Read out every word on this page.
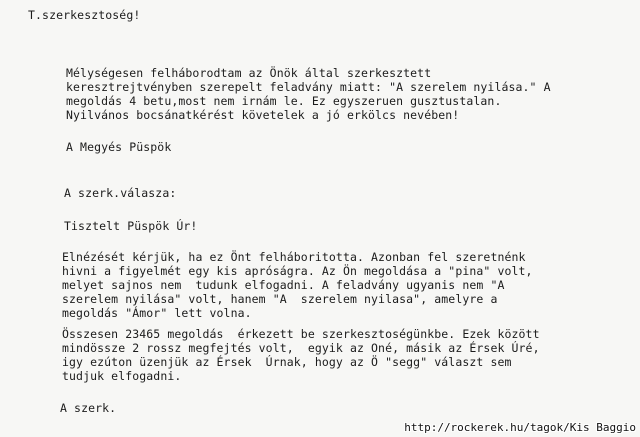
T.szerkesztoség!
Mélységesen felháborodtam az Önök által szerkesztett
keresztrejtvényben szerepelt feladvány miatt: "A szerelem nyilása." A
megoldás 4 betu,most nem irnám le. Ez egyszeruen gusztustalan.
Nyilvános bocsánatkérést követelek a jó erkölcs nevében!
A Megyés Püspök
A szerk.válasza:
Tisztelt Püspök Úr!
Elnézését kérjük, ha ez Önt felháboritotta. Azonban fel szeretnénk
hivni a figyelmét egy kis apróságra. Az Ön megoldása a "pina" volt,
melyet sajnos nem  tudunk elfogadni. A feladvány ugyanis nem "A
szerelem nyilása" volt, hanem "A  szerelem nyilasa", amelyre a
megoldás "Ámor" lett volna.
Összesen 23465 megoldás  érkezett be szerkesztoségünkbe. Ezek között
mindössze 2 rossz megfejtés volt,  egyik az Oné, másik az Érsek Úré,
igy ezúton üzenjük az Érsek  Úrnak, hogy az Ö "segg" választ sem
tudjuk elfogadni.
A szerk.
http://rockerek.hu/tagok/Kis Baggio
